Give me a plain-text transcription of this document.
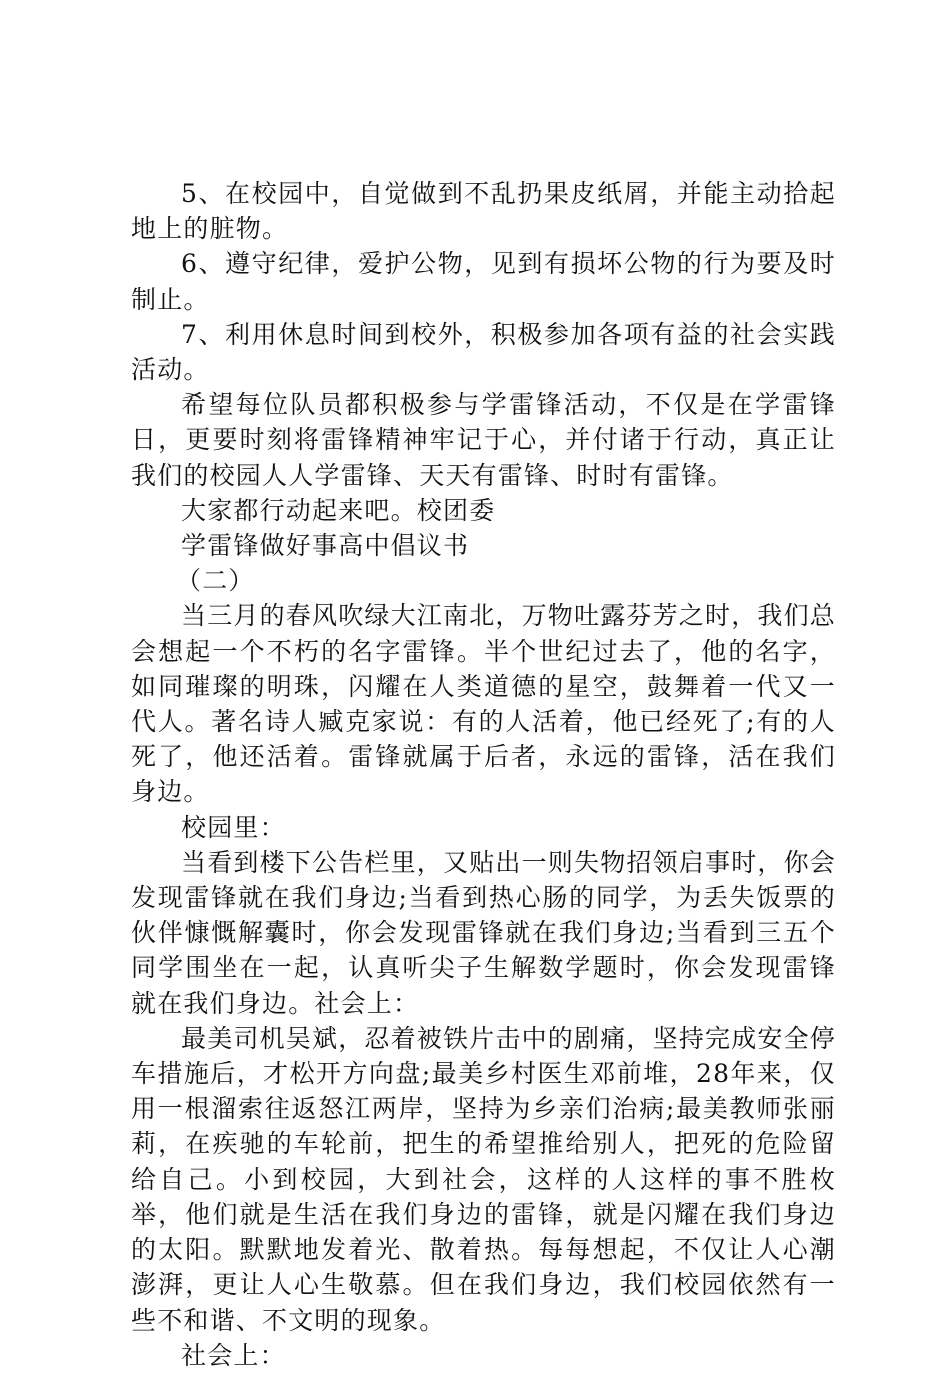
5、在校园中，自觉做到不乱扔果皮纸屑，并能主动拾起地上的脏物。

6、遵守纪律，爱护公物，见到有损坏公物的行为要及时制止。

7、利用休息时间到校外，积极参加各项有益的社会实践活动。

希望每位队员都积极参与学雷锋活动，不仅是在学雷锋日，更要时刻将雷锋精神牢记于心，并付诸于行动，真正让我们的校园人人学雷锋、天天有雷锋、时时有雷锋。

大家都行动起来吧。校团委

学雷锋做好事高中倡议书

（二）

当三月的春风吹绿大江南北，万物吐露芬芳之时，我们总会想起一个不朽的名字雷锋。半个世纪过去了，他的名字，如同璀璨的明珠，闪耀在人类道德的星空，鼓舞着一代又一代人。著名诗人臧克家说：有的人活着，他已经死了;有的人死了，他还活着。雷锋就属于后者，永远的雷锋，活在我们身边。

校园里：

当看到楼下公告栏里，又贴出一则失物招领启事时，你会发现雷锋就在我们身边;当看到热心肠的同学，为丢失饭票的伙伴慷慨解囊时，你会发现雷锋就在我们身边;当看到三五个同学围坐在一起，认真听尖子生解数学题时，你会发现雷锋就在我们身边。社会上：

最美司机吴斌，忍着被铁片击中的剧痛，坚持完成安全停车措施后，才松开方向盘;最美乡村医生邓前堆，28年来，仅用一根溜索往返怒江两岸，坚持为乡亲们治病;最美教师张丽莉，在疾驰的车轮前，把生的希望推给别人，把死的危险留给自己。小到校园，大到社会，这样的人这样的事不胜枚举，他们就是生活在我们身边的雷锋，就是闪耀在我们身边的太阳。默默地发着光、散着热。每每想起，不仅让人心潮澎湃，更让人心生敬慕。但在我们身边，我们校园依然有一些不和谐、不文明的现象。

社会上：
